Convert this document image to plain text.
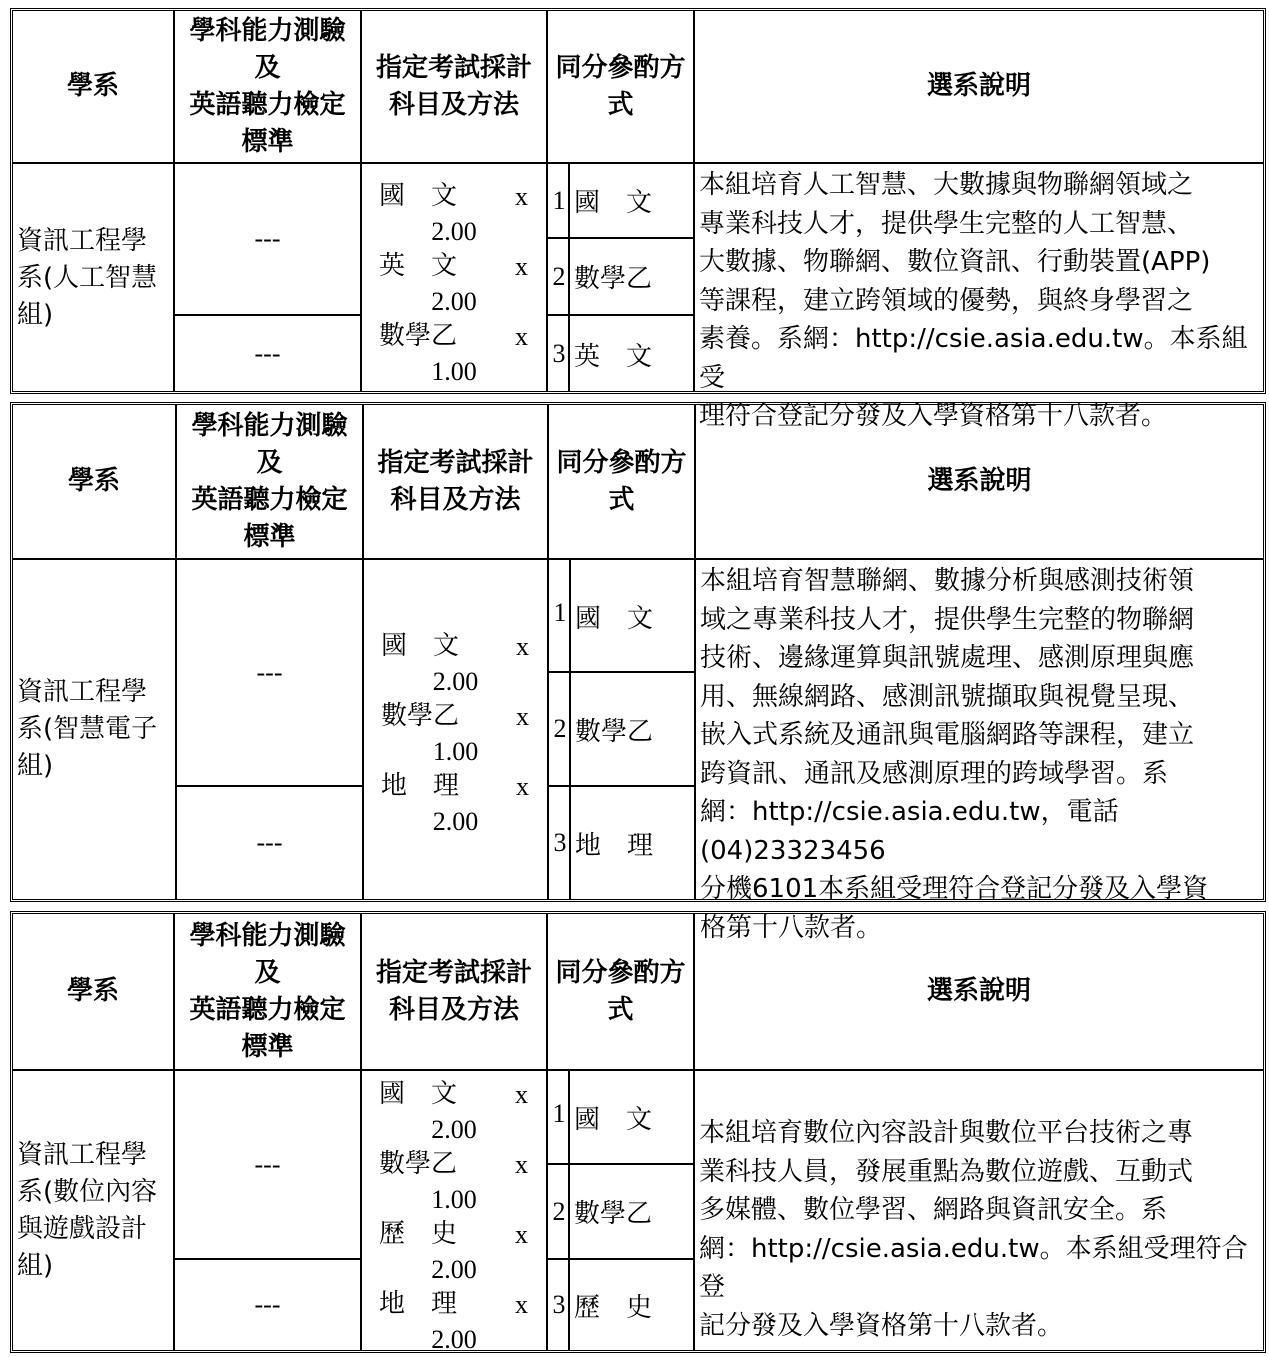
學系
學科能力測驗
及
英語聽力檢定
標準
指定考試採計
科目及方法
同分參酌方
式
選系說明
資訊工程學
系(人工智慧
組)
---
---
國　文 x
2.00
英　文 x
2.00
數學乙 x
1.00
1 國　文
2 數學乙
3 英　文
本組培育人工智慧、大數據與物聯網領域之
專業科技人才，提供學生完整的人工智慧、
大數據、物聯網、數位資訊、行動裝置(APP)
等課程，建立跨領域的優勢，與終身學習之
素養。系網：http://csie.asia.edu.tw。本系組受
理符合登記分發及入學資格第十八款者。
學系
學科能力測驗
及
英語聽力檢定
標準
指定考試採計
科目及方法
同分參酌方
式
選系說明
資訊工程學
系(智慧電子
組)
---
---
國　文 x
2.00
數學乙 x
1.00
地　理 x
2.00
1 國　文
2 數學乙
3 地　理
本組培育智慧聯網、數據分析與感測技術領
域之專業科技人才，提供學生完整的物聯網
技術、邊緣運算與訊號處理、感測原理與應
用、無線網路、感測訊號擷取與視覺呈現、
嵌入式系統及通訊與電腦網路等課程，建立
跨資訊、通訊及感測原理的跨域學習。系
網：http://csie.asia.edu.tw，電話(04)23323456
分機6101本系組受理符合登記分發及入學資
格第十八款者。
學系
學科能力測驗
及
英語聽力檢定
標準
指定考試採計
科目及方法
同分參酌方
式
選系說明
資訊工程學
系(數位內容
與遊戲設計
組)
---
---
國　文 x
2.00
數學乙 x
1.00
歷　史 x
2.00
地　理 x
2.00
1 國　文
2 數學乙
3 歷　史
本組培育數位內容設計與數位平台技術之專
業科技人員，發展重點為數位遊戲、互動式
多媒體、數位學習、網路與資訊安全。系
網：http://csie.asia.edu.tw。本系組受理符合登
記分發及入學資格第十八款者。
